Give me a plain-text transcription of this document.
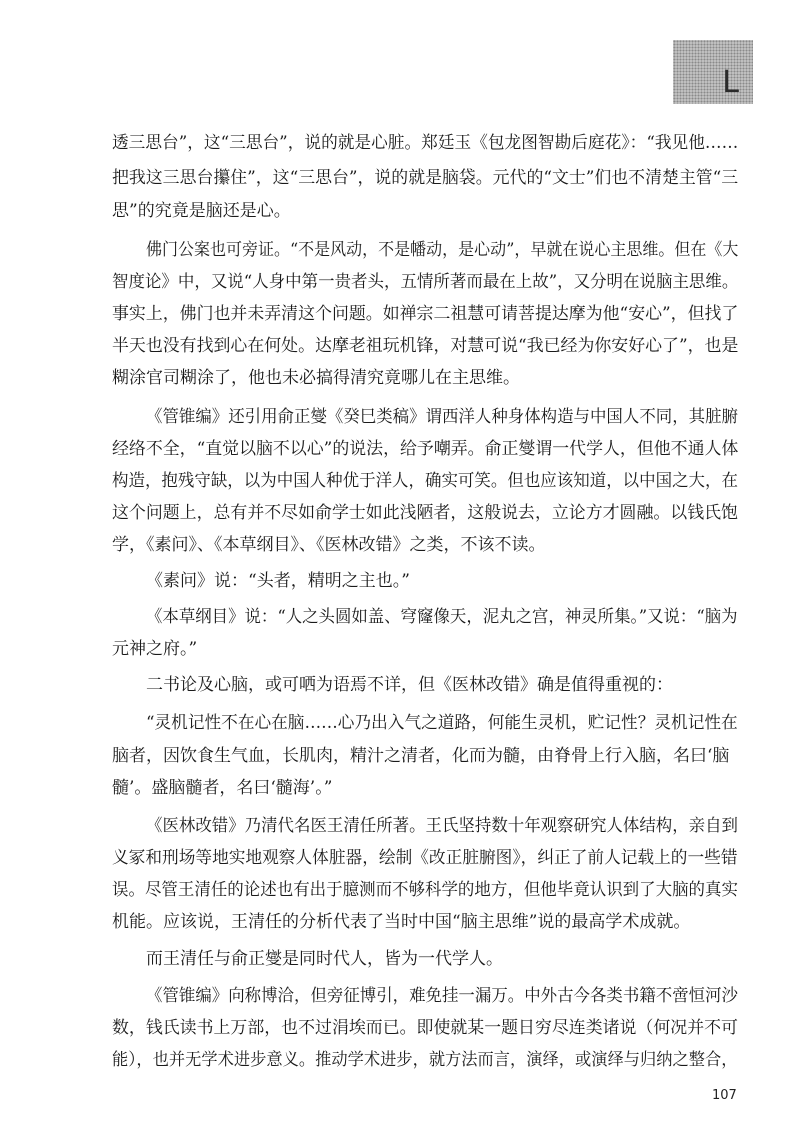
L
透三思台”，这“三思台”，说的就是心脏。郑廷玉《包龙图智勘后庭花》：“我见他……
把我这三思台攥住”，这“三思台”，说的就是脑袋。元代的“文士”们也不清楚主管“三
思”的究竟是脑还是心。
佛门公案也可旁证。“不是风动，不是幡动，是心动”，早就在说心主思维。但在《大
智度论》中，又说“人身中第一贵者头，五情所著而最在上故”，又分明在说脑主思维。
事实上，佛门也并未弄清这个问题。如禅宗二祖慧可请菩提达摩为他“安心”，但找了
半天也没有找到心在何处。达摩老祖玩机锋，对慧可说“我已经为你安好心了”，也是
糊涂官司糊涂了，他也未必搞得清究竟哪儿在主思维。
《管锥编》还引用俞正燮《癸巳类稿》谓西洋人种身体构造与中国人不同，其脏腑
经络不全，“直觉以脑不以心”的说法，给予嘲弄。俞正燮谓一代学人，但他不通人体
构造，抱残守缺，以为中国人种优于洋人，确实可笑。但也应该知道，以中国之大，在
这个问题上，总有并不尽如俞学士如此浅陋者，这般说去，立论方才圆融。以钱氏饱
学，《素问》、《本草纲目》、《医林改错》之类，不该不读。
《素问》说：“头者，精明之主也。”
《本草纲目》说：“人之头圆如盖、穹窿像天，泥丸之宫，神灵所集。”又说：“脑为
元神之府。”
二书论及心脑，或可哂为语焉不详，但《医林改错》确是值得重视的：
“灵机记性不在心在脑……心乃出入气之道路，何能生灵机，贮记性？灵机记性在
脑者，因饮食生气血，长肌肉，精汁之清者，化而为髓，由脊骨上行入脑，名曰‘脑
髓’。盛脑髓者，名曰‘髓海’。”
《医林改错》乃清代名医王清任所著。王氏坚持数十年观察研究人体结构，亲自到
义冢和刑场等地实地观察人体脏器，绘制《改正脏腑图》，纠正了前人记载上的一些错
误。尽管王清任的论述也有出于臆测而不够科学的地方，但他毕竟认识到了大脑的真实
机能。应该说，王清任的分析代表了当时中国“脑主思维”说的最高学术成就。
而王清任与俞正燮是同时代人，皆为一代学人。
《管锥编》向称博洽，但旁征博引，难免挂一漏万。中外古今各类书籍不啻恒河沙
数，钱氏读书上万部，也不过涓埃而已。即使就某一题日穷尽连类诸说（何况并不可
能），也并无学术进步意义。推动学术进步，就方法而言，演绎，或演绎与归纳之整合，
107
